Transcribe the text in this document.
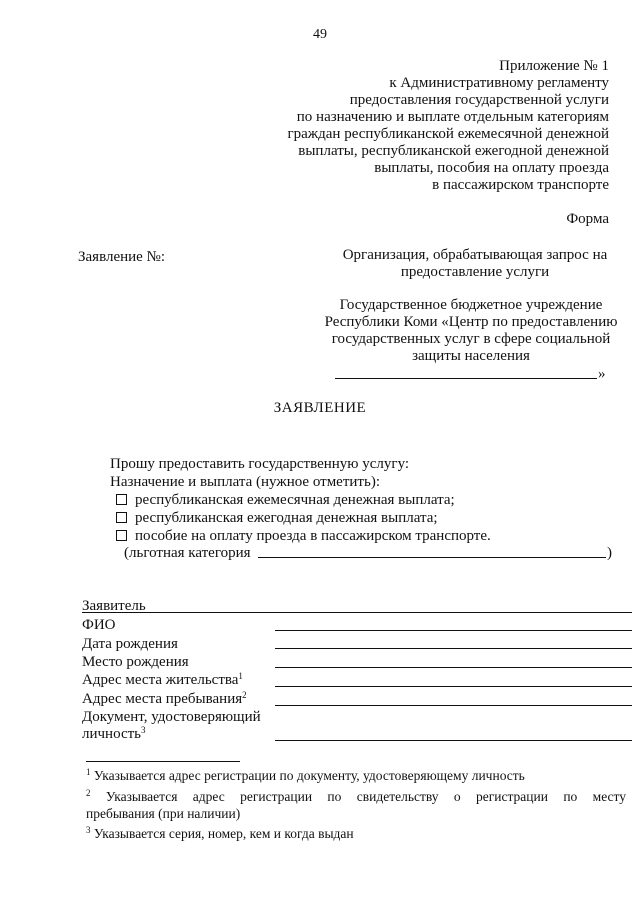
49
Приложение № 1
к Административному регламенту
предоставления государственной услуги
по назначению и выплате отдельным категориям
граждан республиканской ежемесячной денежной
выплаты, республиканской ежегодной денежной
выплаты, пособия на оплату проезда
в пассажирском транспорте
Форма
Заявление №:	Организация, обрабатывающая запрос на
предоставление услуги
Государственное бюджетное учреждение
Республики Коми «Центр по предоставлению
государственных услуг в сфере социальной
защиты населения
»
ЗАЯВЛЕНИЕ
Прошу предоставить государственную услугу:
Назначение и выплата (нужное отметить):
республиканская ежемесячная денежная выплата;
республиканская ежегодная денежная выплата;
пособие на оплату проезда в пассажирском транспорте.
(льготная категория	)
Заявитель
ФИО
Дата рождения
Место рождения
Адрес места жительства$^1$
Адрес места пребывания$^2$
Документ, удостоверяющий
личность$^3$
$^1$ Указывается адрес регистрации по документу, удостоверяющему личность
$^2$ Указывается адрес регистрации по свидетельству о регистрации по месту
пребывания (при наличии)
$^3$ Указывается серия, номер, кем и когда выдан
